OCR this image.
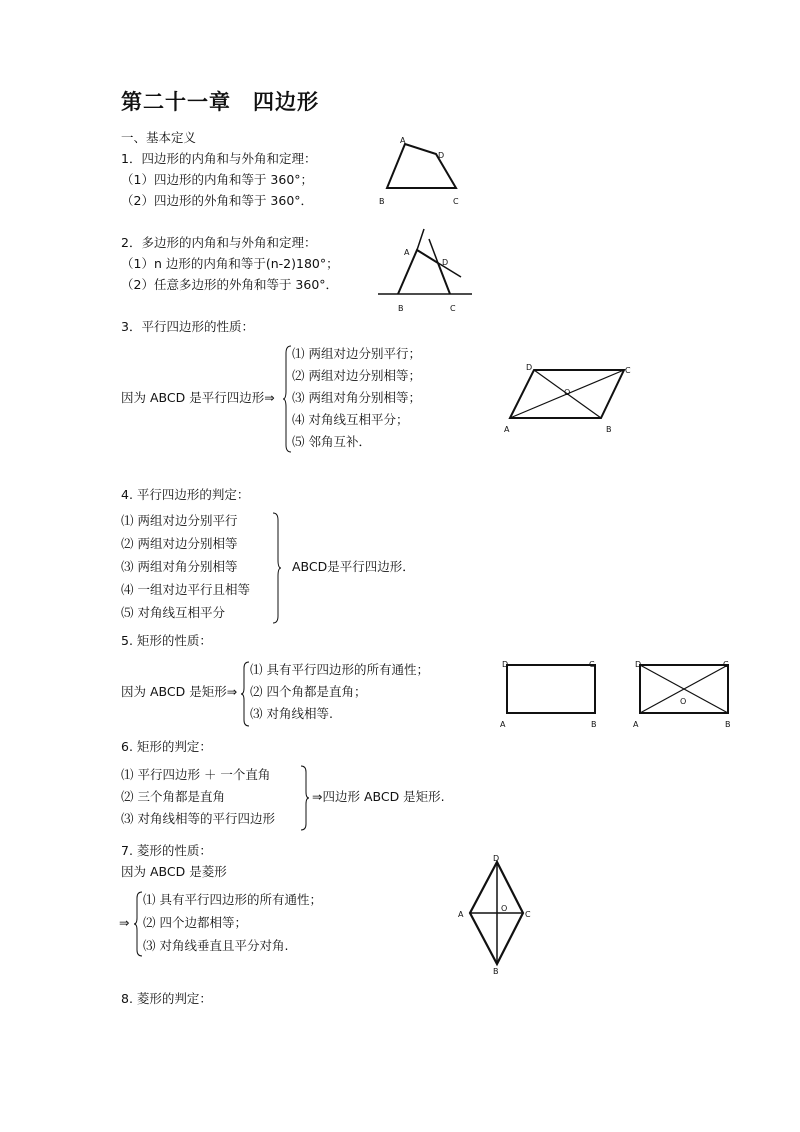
第二十一章 四边形
一、基本定义
1．四边形的内角和与外角和定理：
（1）四边形的内角和等于 360°；
（2）四边形的外角和等于 360°．
A
D
B	C
2．多边形的内角和与外角和定理：
（1）n 边形的内角和等于(n-2)180°；
（2）任意多边形的外角和等于 360°．
A
D
B	C
3．平行四边形的性质：
因为 ABCD 是平行四边形⇒
⑴ 两组对边分别平行；
⑵ 两组对边分别相等；
⑶ 两组对角分别相等；
⑷ 对角线互相平分；
⑸ 邻角互补．
D	C
O
A	B
4. 平行四边形的判定：
⑴ 两组对边分别平行
⑵ 两组对边分别相等
⑶ 两组对角分别相等
⑷ 一组对边平行且相等
⑸ 对角线互相平分
ABCD是平行四边形．
5. 矩形的性质：
因为 ABCD 是矩形⇒
⑴ 具有平行四边形的所有通性；
⑵ 四个角都是直角；
⑶ 对角线相等.
D	C
A	B
D	C
O
A	B
6. 矩形的判定：
⑴ 平行四边形 ＋ 一个直角
⑵ 三个角都是直角
⑶ 对角线相等的平行四边形
⇒四边形 ABCD 是矩形.
7. 菱形的性质：
因为 ABCD 是菱形
⇒
⑴ 具有平行四边形的所有通性；
⑵ 四个边都相等；
⑶ 对角线垂直且平分对角.
D
A
O
C
B
8. 菱形的判定：
